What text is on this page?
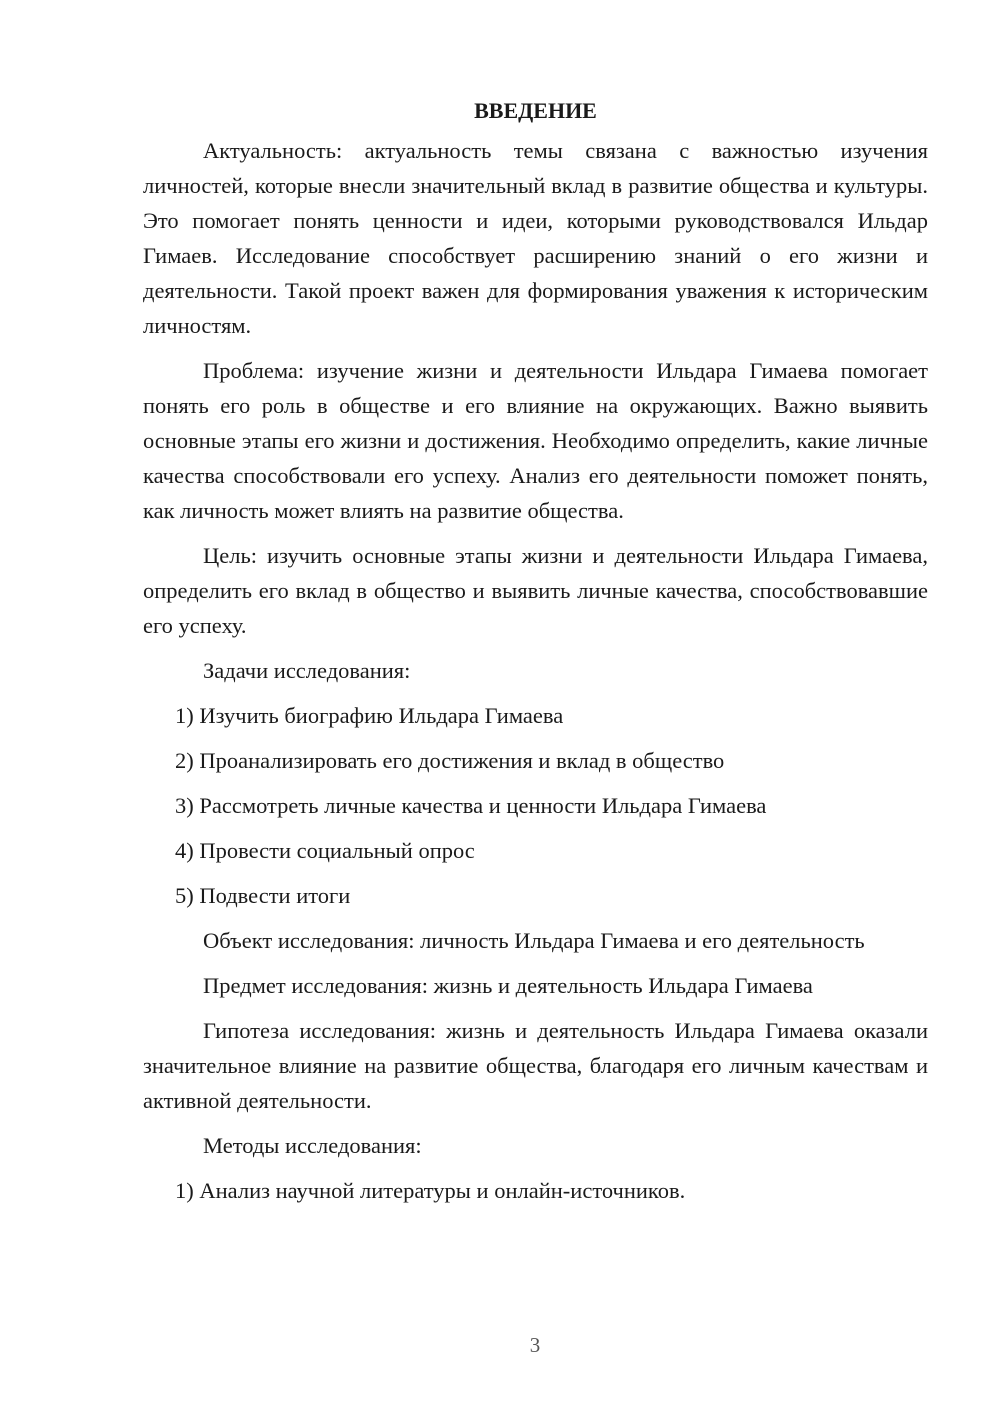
ВВЕДЕНИЕ

Актуальность: актуальность темы связана с важностью изучения личностей, которые внесли значительный вклад в развитие общества и культуры. Это помогает понять ценности и идеи, которыми руководствовался Ильдар Гимаев. Исследование способствует расширению знаний о его жизни и деятельности. Такой проект важен для формирования уважения к историческим личностям.

Проблема: изучение жизни и деятельности Ильдара Гимаева помогает понять его роль в обществе и его влияние на окружающих. Важно выявить основные этапы его жизни и достижения. Необходимо определить, какие личные качества способствовали его успеху. Анализ его деятельности поможет понять, как личность может влиять на развитие общества.

Цель: изучить основные этапы жизни и деятельности Ильдара Гимаева, определить его вклад в общество и выявить личные качества, способствовавшие его успеху.

Задачи исследования:

1) Изучить биографию Ильдара Гимаева

2) Проанализировать его достижения и вклад в общество

3) Рассмотреть личные качества и ценности Ильдара Гимаева

4) Провести социальный опрос

5) Подвести итоги

Объект исследования: личность Ильдара Гимаева и его деятельность

Предмет исследования: жизнь и деятельность Ильдара Гимаева

Гипотеза исследования: жизнь и деятельность Ильдара Гимаева оказали значительное влияние на развитие общества, благодаря его личным качествам и активной деятельности.

Методы исследования:

1) Анализ научной литературы и онлайн-источников.

3
